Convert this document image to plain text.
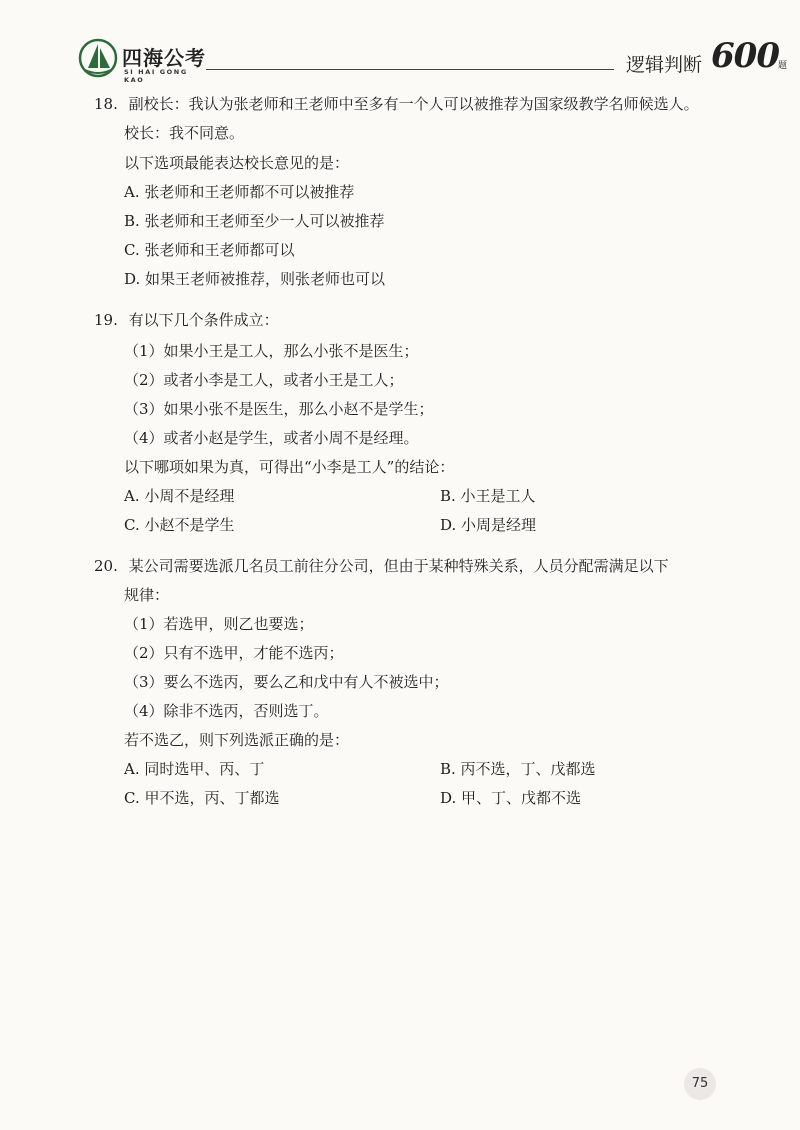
四海公考
SI HAI GONG KAO
逻辑判断 600 题
18. 副校长：我认为张老师和王老师中至多有一个人可以被推荐为国家级教学名师候选人。
校长：我不同意。
以下选项最能表达校长意见的是：
A. 张老师和王老师都不可以被推荐
B. 张老师和王老师至少一人可以被推荐
C. 张老师和王老师都可以
D. 如果王老师被推荐，则张老师也可以
19. 有以下几个条件成立：
（1）如果小王是工人，那么小张不是医生；
（2）或者小李是工人，或者小王是工人；
（3）如果小张不是医生，那么小赵不是学生；
（4）或者小赵是学生，或者小周不是经理。
以下哪项如果为真，可得出“小李是工人”的结论：
A. 小周不是经理	B. 小王是工人
C. 小赵不是学生	D. 小周是经理
20. 某公司需要选派几名员工前往分公司，但由于某种特殊关系，人员分配需满足以下
规律：
（1）若选甲，则乙也要选；
（2）只有不选甲，才能不选丙；
（3）要么不选丙，要么乙和戊中有人不被选中；
（4）除非不选丙，否则选丁。
若不选乙，则下列选派正确的是：
A. 同时选甲、丙、丁	B. 丙不选，丁、戊都选
C. 甲不选，丙、丁都选	D. 甲、丁、戊都不选
75
